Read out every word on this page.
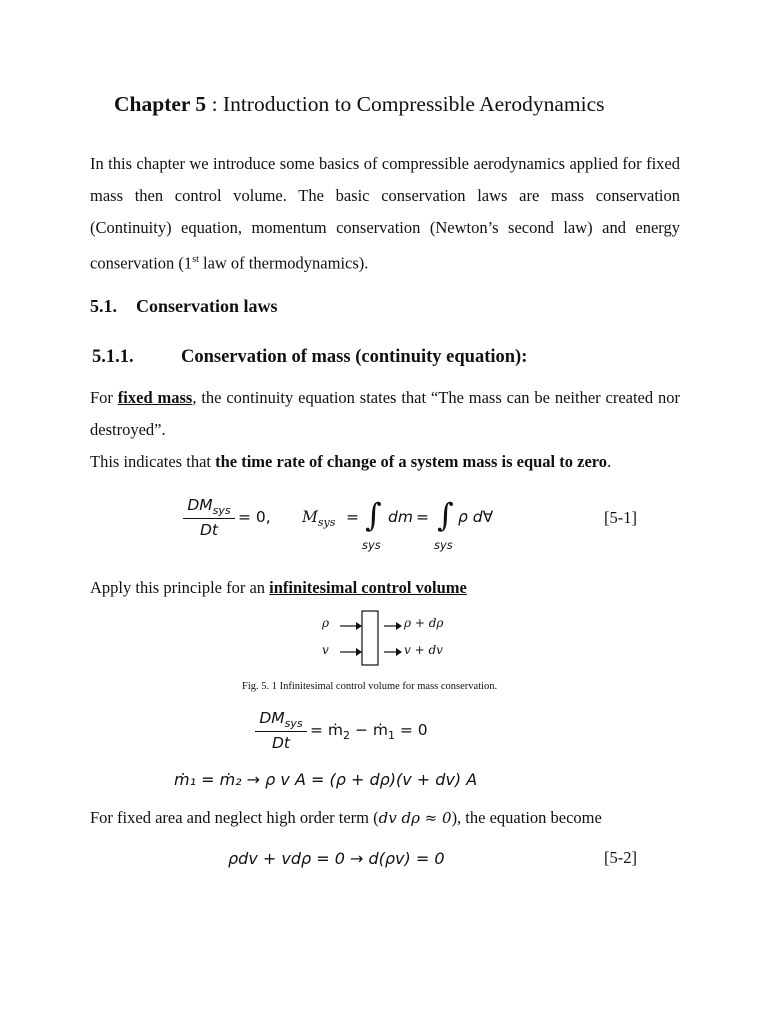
Chapter 5 : Introduction to Compressible Aerodynamics
In this chapter we introduce some basics of compressible aerodynamics applied for fixed mass then control volume. The basic conservation laws are mass conservation (Continuity) equation, momentum conservation (Newton’s second law) and energy conservation (1st law of thermodynamics).
5.1. Conservation laws
5.1.1.	Conservation of mass (continuity equation):
For fixed mass, the continuity equation states that “The mass can be neither created nor destroyed”.
This indicates that the time rate of change of a system mass is equal to zero.
$DM_{sys}$
Dt
= 0, $M_{sys}$ = ∫ dm = ∫ ρ d∀
sys	sys
[5-1]
Apply this principle for an infinitesimal control volume
ρ
v
ρ + dρ
v + dv
Fig. 5. 1 Infinitesimal control volume for mass conservation.
$DM_{sys}$
Dt
= ṁ$_2$ − ṁ$_1$ = 0
ṁ₁ = ṁ₂ → ρ v A = (ρ + dρ)(v + dv) A
For fixed area and neglect high order term (dv dρ ≈ 0), the equation become
ρdv + vdρ = 0 → d(ρv) = 0	[5-2]
